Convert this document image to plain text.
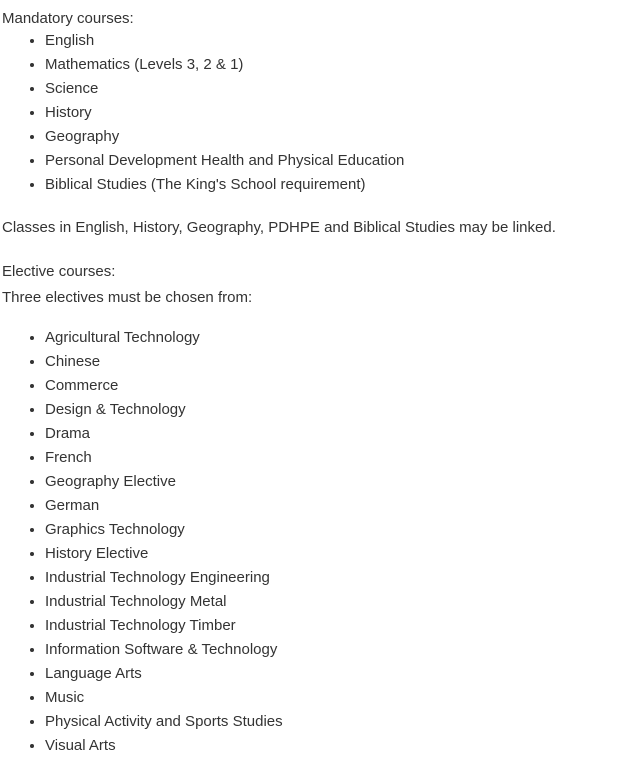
Mandatory courses:

• English
• Mathematics (Levels 3, 2 & 1)
• Science
• History
• Geography
• Personal Development Health and Physical Education
• Biblical Studies (The King's School requirement)

Classes in English, History, Geography, PDHPE and Biblical Studies may be linked.

Elective courses:

Three electives must be chosen from:

• Agricultural Technology
• Chinese
• Commerce
• Design & Technology
• Drama
• French
• Geography Elective
• German
• Graphics Technology
• History Elective
• Industrial Technology Engineering
• Industrial Technology Metal
• Industrial Technology Timber
• Information Software & Technology
• Language Arts
• Music
• Physical Activity and Sports Studies
• Visual Arts
